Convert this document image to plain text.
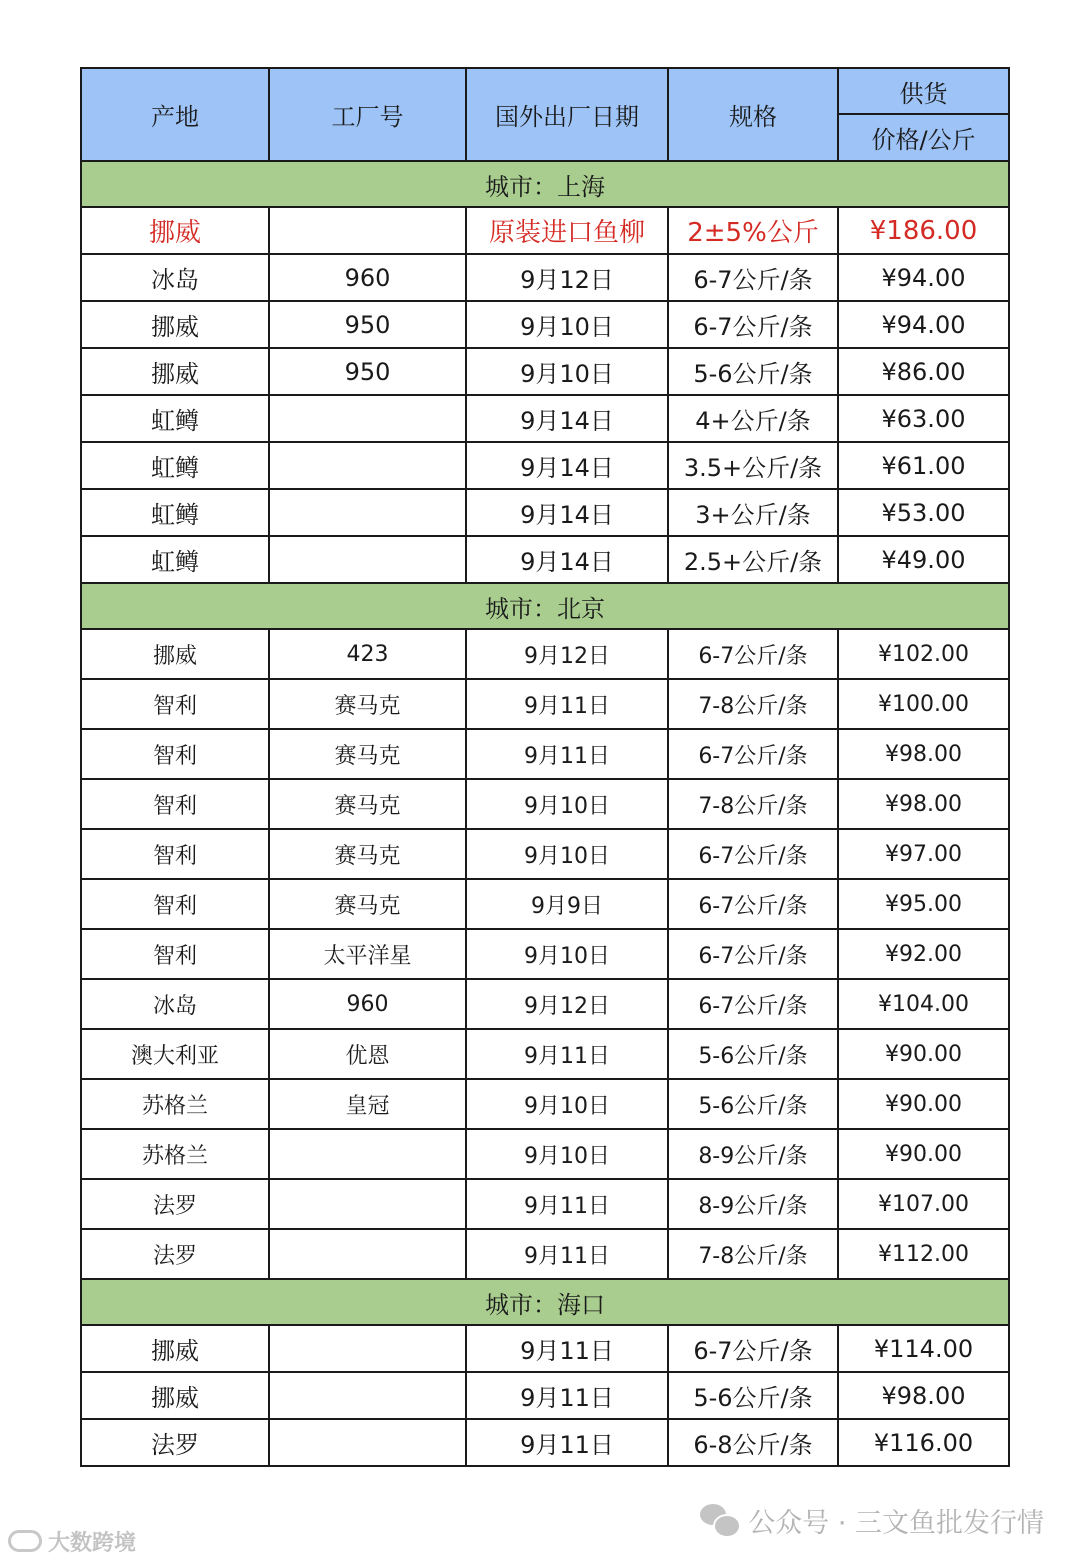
产地	工厂号	国外出厂日期	规格	供货
				价格/公斤
城市：上海				
挪威		原装进口鱼柳	2±5%公斤	¥186.00
冰岛	960	9月12日	6-7公斤/条	¥94.00
挪威	950	9月10日	6-7公斤/条	¥94.00
挪威	950	9月10日	5-6公斤/条	¥86.00
虹鳟		9月14日	4+公斤/条	¥63.00
虹鳟		9月14日	3.5+公斤/条	¥61.00
虹鳟		9月14日	3+公斤/条	¥53.00
虹鳟		9月14日	2.5+公斤/条	¥49.00
城市：北京				
挪威	423	9月12日	6-7公斤/条	¥102.00
智利	赛马克	9月11日	7-8公斤/条	¥100.00
智利	赛马克	9月11日	6-7公斤/条	¥98.00
智利	赛马克	9月10日	7-8公斤/条	¥98.00
智利	赛马克	9月10日	6-7公斤/条	¥97.00
智利	赛马克	9月9日	6-7公斤/条	¥95.00
智利	太平洋星	9月10日	6-7公斤/条	¥92.00
冰岛	960	9月12日	6-7公斤/条	¥104.00
澳大利亚	优恩	9月11日	5-6公斤/条	¥90.00
苏格兰	皇冠	9月10日	5-6公斤/条	¥90.00
苏格兰		9月10日	8-9公斤/条	¥90.00
法罗		9月11日	8-9公斤/条	¥107.00
法罗		9月11日	7-8公斤/条	¥112.00
城市：海口				
挪威		9月11日	6-7公斤/条	¥114.00
挪威		9月11日	5-6公斤/条	¥98.00
法罗		9月11日	6-8公斤/条	¥116.00
公众号 · 三文鱼批发行情
大数跨境
